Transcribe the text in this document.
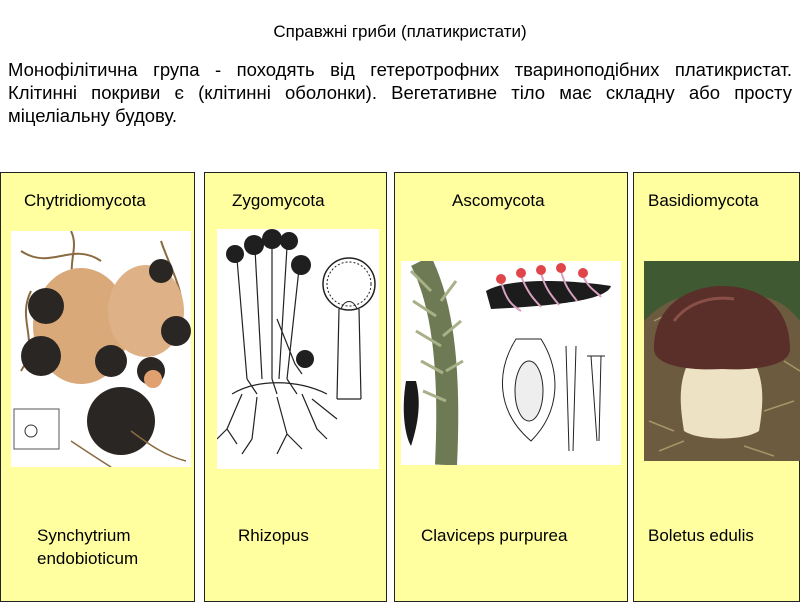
Справжні гриби (платикристати)
Монофілітична група - походять від гетеротрофних твариноподібних платикристат. Клітинні покриви є (клітинні оболонки). Вегетативне тіло має складну або просту міцеліальну будову.
Chytridiomycota
Synchytrium
endobioticum
Zygomycota
Rhizopus
Ascomycota
Claviceps purpurea
Basidiomycota
Boletus edulis
